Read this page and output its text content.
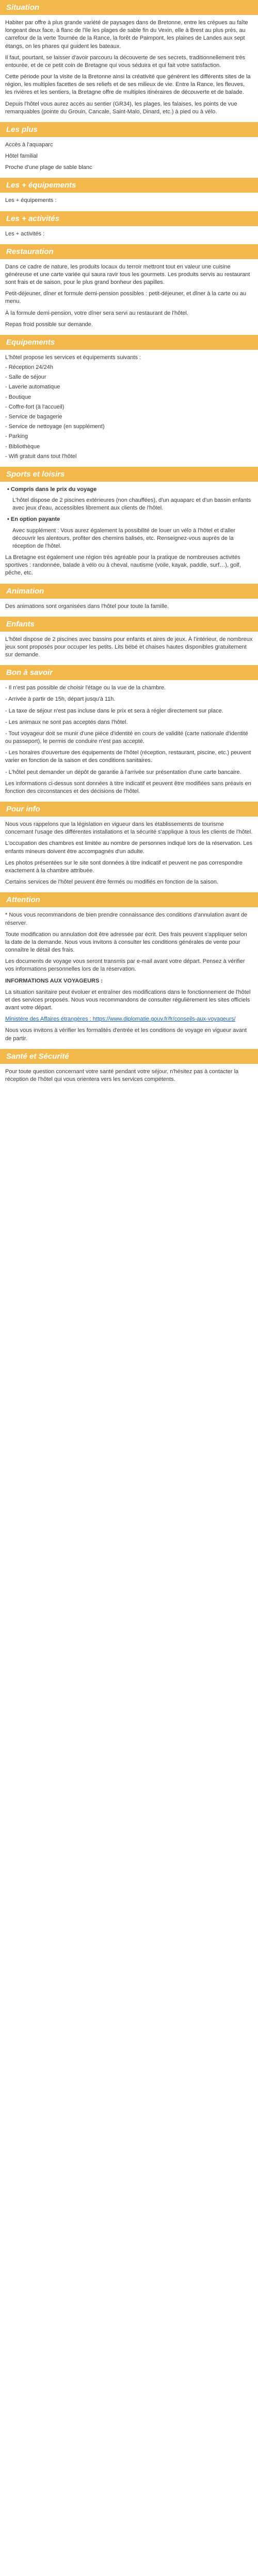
Situation

Habiter par offre à plus grande variété de paysages dans de Bretonne, entre les crépues au faîte longeant deux face, à flanc de l'Ile les plages de sable fin du Vexin, elle à Brest au plus près, au carrefour de la verte Tournée de la Rance, la forêt de Paimpont, les plaines de Landes aux sept étangs, on les phares qui guident les bateaux.

Il faut, pourtant, se laisser d'avoir parcouru la découverte de ses secrets, traditionnellement très entourée, et de ce petit coin de Bretagne qui vous séduira et qui fait votre satisfaction.

Cette période pour la visite de la Bretonne ainsi la créativité que génèrent les différents sites de la région, les multiples facettes de ses reliefs et de ses milieux de vie. Entre la Rance, les fleuves, les rivières et les sentiers, la Bretagne offre de multiples itinéraires de découverte et de balade.

Depuis l'hôtel vous aurez accès au sentier (GR34), les plages, les falaises, les points de vue remarquables (pointe du Grouin, Cancale, Saint-Malo, Dinard, etc.) à pied ou à vélo.

Les plus

Accès à l'aquaparc

Hôtel familial

Proche d'une plage de sable blanc

Les + équipements

Les + équipements :

Les + activités

Les + activités :

Restauration

Dans ce cadre de nature, les produits locaux du terroir mettront tout en valeur une cuisine généreuse et une carte variée qui saura ravir tous les gourmets. Les produits servis au restaurant sont frais et de saison, pour le plus grand bonheur des papilles.

Petit-déjeuner, dîner et formule demi-pension possibles : petit-déjeuner, et dîner à la carte ou au menu.

À la formule demi-pension, votre dîner sera servi au restaurant de l'hôtel.

Repas froid possible sur demande.

Equipements

L'hôtel propose les services et équipements suivants :

- Réception 24/24h

- Salle de séjour

- Laverie automatique

- Boutique

- Coffre-fort (à l'accueil)

- Service de bagagerie

- Service de nettoyage (en supplément)

- Parking

- Bibliothèque

- Wifi gratuit dans tout l'hôtel

Sports et loisirs
• Compris dans le prix du voyage

L'hôtel dispose de 2 piscines extérieures (non chauffées), d'un aquaparc et d'un bassin enfants avec jeux d'eau, accessibles librement aux clients de l'hôtel.

• En option payante

Avec supplément : Vous aurez également la possibilité de louer un vélo à l'hôtel et d'aller découvrir les alentours, profiter des chemins balisés, etc. Renseignez-vous auprès de la réception de l'hôtel.

La Bretagne est également une région très agréable pour la pratique de nombreuses activités sportives : randonnée, balade à vélo ou à cheval, nautisme (voile, kayak, paddle, surf…), golf, pêche, etc.

Animation

Des animations sont organisées dans l'hôtel pour toute la famille.

Enfants

L'hôtel dispose de 2 piscines avec bassins pour enfants et aires de jeux. À l'intérieur, de nombreux jeux sont proposés pour occuper les petits. Lits bébé et chaises hautes disponibles gratuitement sur demande.

Bon à savoir

- Il n'est pas possible de choisir l'étage ou la vue de la chambre.

- Arrivée à partir de 15h, départ jusqu'à 11h.

- La taxe de séjour n'est pas incluse dans le prix et sera à régler directement sur place.

- Les animaux ne sont pas acceptés dans l'hôtel.

- Tout voyageur doit se munir d'une pièce d'identité en cours de validité (carte nationale d'identité ou passeport), le permis de conduire n'est pas accepté.

- Les horaires d'ouverture des équipements de l'hôtel (réception, restaurant, piscine, etc.) peuvent varier en fonction de la saison et des conditions sanitaires.

- L'hôtel peut demander un dépôt de garantie à l'arrivée sur présentation d'une carte bancaire.

Les informations ci-dessus sont données à titre indicatif et peuvent être modifiées sans préavis en fonction des circonstances et des décisions de l'hôtel.

Pour info

Nous vous rappelons que la législation en vigueur dans les établissements de tourisme concernant l'usage des différentes installations et la sécurité s'applique à tous les clients de l'hôtel.

L'occupation des chambres est limitée au nombre de personnes indiqué lors de la réservation. Les enfants mineurs doivent être accompagnés d'un adulte.

Les photos présentées sur le site sont données à titre indicatif et peuvent ne pas correspondre exactement à la chambre attribuée.

Certains services de l'hôtel peuvent être fermés ou modifiés en fonction de la saison.

Attention

* Nous vous recommandons de bien prendre connaissance des conditions d'annulation avant de réserver.

Toute modification ou annulation doit être adressée par écrit. Des frais peuvent s'appliquer selon la date de la demande. Nous vous invitons à consulter les conditions générales de vente pour connaître le détail des frais.

Les documents de voyage vous seront transmis par e-mail avant votre départ. Pensez à vérifier vos informations personnelles lors de la réservation.

INFORMATIONS AUX VOYAGEURS :

La situation sanitaire peut évoluer et entraîner des modifications dans le fonctionnement de l'hôtel et des services proposés. Nous vous recommandons de consulter régulièrement les sites officiels avant votre départ.

Ministère des Affaires étrangères : https://www.diplomatie.gouv.fr/fr/conseils-aux-voyageurs/

Nous vous invitons à vérifier les formalités d'entrée et les conditions de voyage en vigueur avant de partir.

Santé et Sécurité

Pour toute question concernant votre santé pendant votre séjour, n'hésitez pas à contacter la réception de l'hôtel qui vous orientera vers les services compétents.
